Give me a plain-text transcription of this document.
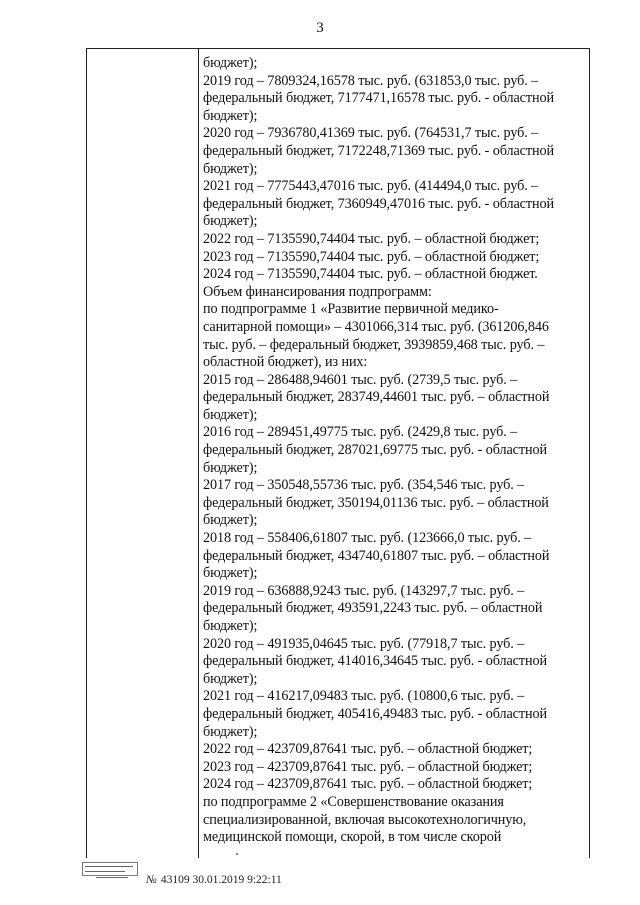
3
бюджет);
2019 год – 7809324,16578 тыс. руб. (631853,0 тыс. руб. –
федеральный бюджет, 7177471,16578 тыс. руб. - областной
бюджет);
2020 год – 7936780,41369 тыс. руб. (764531,7 тыс. руб. –
федеральный бюджет, 7172248,71369 тыс. руб. - областной
бюджет);
2021 год – 7775443,47016 тыс. руб. (414494,0 тыс. руб. –
федеральный бюджет, 7360949,47016 тыс. руб. - областной
бюджет);
2022 год – 7135590,74404 тыс. руб. – областной бюджет;
2023 год – 7135590,74404 тыс. руб. – областной бюджет;
2024 год – 7135590,74404 тыс. руб. – областной бюджет.
Объем финансирования подпрограмм:
по подпрограмме 1 «Развитие первичной медико-
санитарной помощи» – 4301066,314 тыс. руб. (361206,846
тыс. руб. – федеральный бюджет, 3939859,468 тыс. руб. –
областной бюджет), из них:
2015 год – 286488,94601 тыс. руб. (2739,5 тыс. руб. –
федеральный бюджет, 283749,44601 тыс. руб. – областной
бюджет);
2016 год – 289451,49775 тыс. руб. (2429,8 тыс. руб. –
федеральный бюджет, 287021,69775 тыс. руб. - областной
бюджет);
2017 год – 350548,55736 тыс. руб. (354,546 тыс. руб. –
федеральный бюджет, 350194,01136 тыс. руб. – областной
бюджет);
2018 год – 558406,61807 тыс. руб. (123666,0 тыс. руб. –
федеральный бюджет, 434740,61807 тыс. руб. – областной
бюджет);
2019 год – 636888,9243 тыс. руб. (143297,7 тыс. руб. –
федеральный бюджет, 493591,2243 тыс. руб. – областной
бюджет);
2020 год – 491935,04645 тыс. руб. (77918,7 тыс. руб. –
федеральный бюджет, 414016,34645 тыс. руб. - областной
бюджет);
2021 год – 416217,09483 тыс. руб. (10800,6 тыс. руб. –
федеральный бюджет, 405416,49483 тыс. руб. - областной
бюджет);
2022 год – 423709,87641 тыс. руб. – областной бюджет;
2023 год – 423709,87641 тыс. руб. – областной бюджет;
2024 год – 423709,87641 тыс. руб. – областной бюджет;
по подпрограмме 2 «Совершенствование оказания
специализированной, включая высокотехнологичную,
медицинской помощи, скорой, в том числе скорой
№ 43109 30.01.2019 9:22:11
